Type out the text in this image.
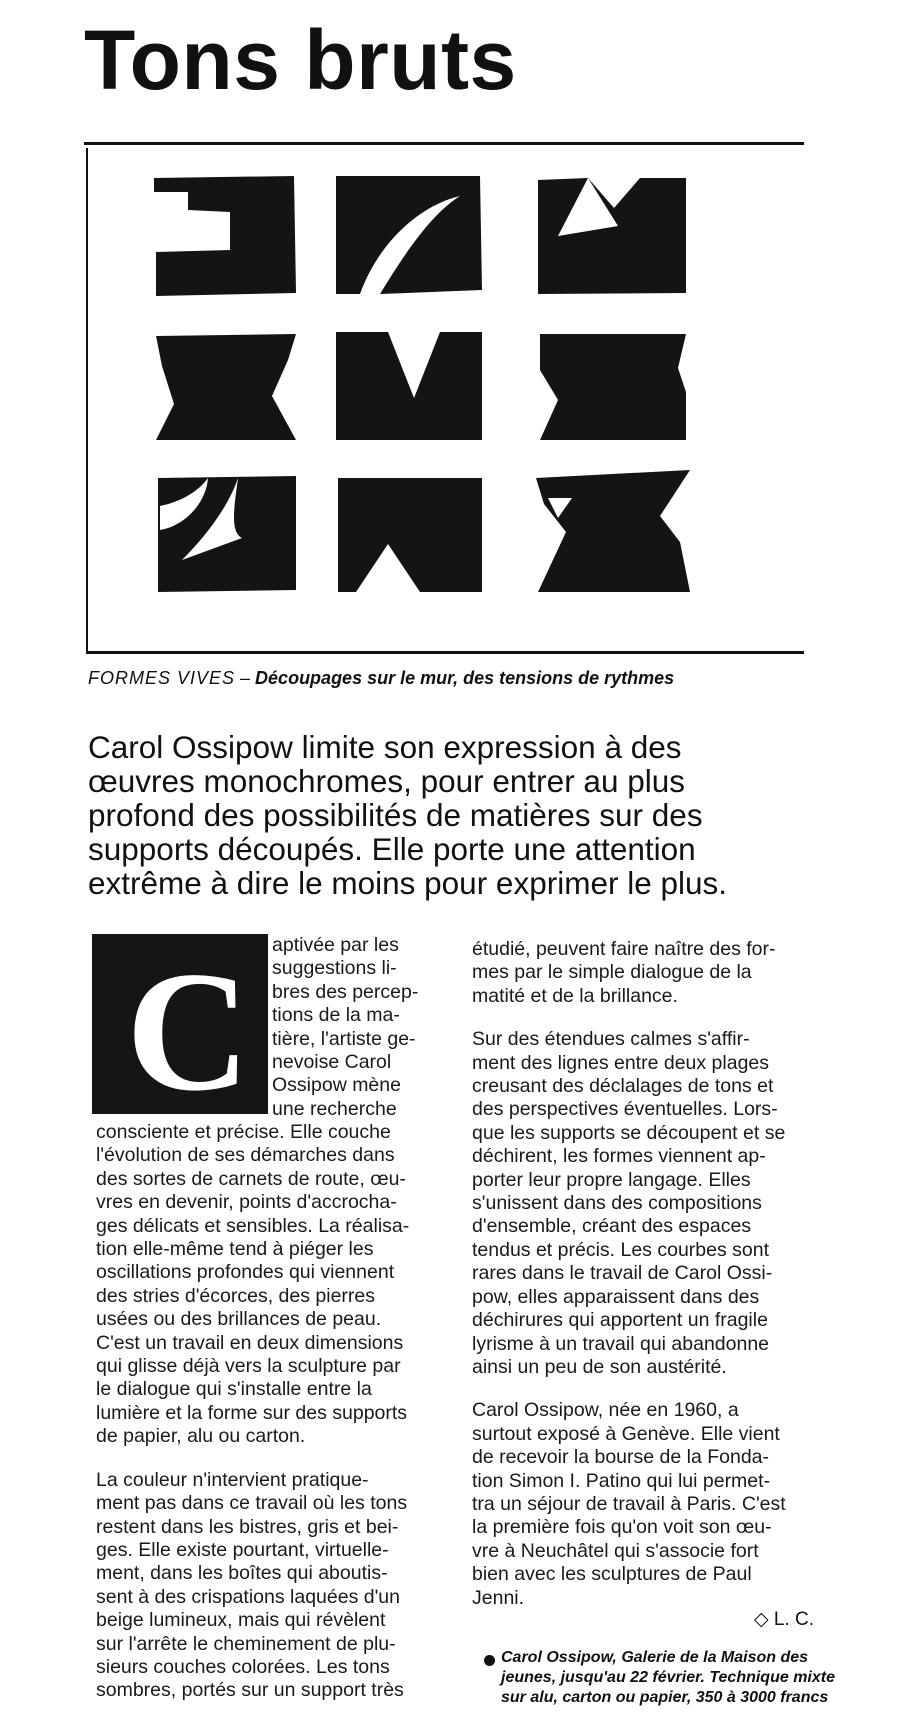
Tons bruts
FORMES VIVES – Découpages sur le mur, des tensions de rythmes
Carol Ossipow limite son expression à des
œuvres monochromes, pour entrer au plus
profond des possibilités de matières sur des
supports découpés. Elle porte une attention
extrême à dire le moins pour exprimer le plus.
C aptivée par les
suggestions li-
bres des percep-
tions de la ma-
tière, l'artiste ge-
nevoise Carol
Ossipow mène
une recherche
consciente et précise. Elle couche
l'évolution de ses démarches dans
des sortes de carnets de route, œu-
vres en devenir, points d'accrocha-
ges délicats et sensibles. La réalisa-
tion elle-même tend à piéger les
oscillations profondes qui viennent
des stries d'écorces, des pierres
usées ou des brillances de peau.
C'est un travail en deux dimensions
qui glisse déjà vers la sculpture par
le dialogue qui s'installe entre la
lumière et la forme sur des supports
de papier, alu ou carton.
La couleur n'intervient pratique-
ment pas dans ce travail où les tons
restent dans les bistres, gris et bei-
ges. Elle existe pourtant, virtuelle-
ment, dans les boîtes qui aboutis-
sent à des crispations laquées d'un
beige lumineux, mais qui révèlent
sur l'arrête le cheminement de plu-
sieurs couches colorées. Les tons
sombres, portés sur un support très
étudié, peuvent faire naître des for-
mes par le simple dialogue de la
matité et de la brillance.
Sur des étendues calmes s'affir-
ment des lignes entre deux plages
creusant des déclalages de tons et
des perspectives éventuelles. Lors-
que les supports se découpent et se
déchirent, les formes viennent ap-
porter leur propre langage. Elles
s'unissent dans des compositions
d'ensemble, créant des espaces
tendus et précis. Les courbes sont
rares dans le travail de Carol Ossi-
pow, elles apparaissent dans des
déchirures qui apportent un fragile
lyrisme à un travail qui abandonne
ainsi un peu de son austérité.
Carol Ossipow, née en 1960, a
surtout exposé à Genève. Elle vient
de recevoir la bourse de la Fonda-
tion Simon I. Patino qui lui permet-
tra un séjour de travail à Paris. C'est
la première fois qu'on voit son œu-
vre à Neuchâtel qui s'associe fort
bien avec les sculptures de Paul
Jenni.
◇ L. C.
Carol Ossipow, Galerie de la Maison des
jeunes, jusqu'au 22 février. Technique mixte
sur alu, carton ou papier, 350 à 3000 francs
